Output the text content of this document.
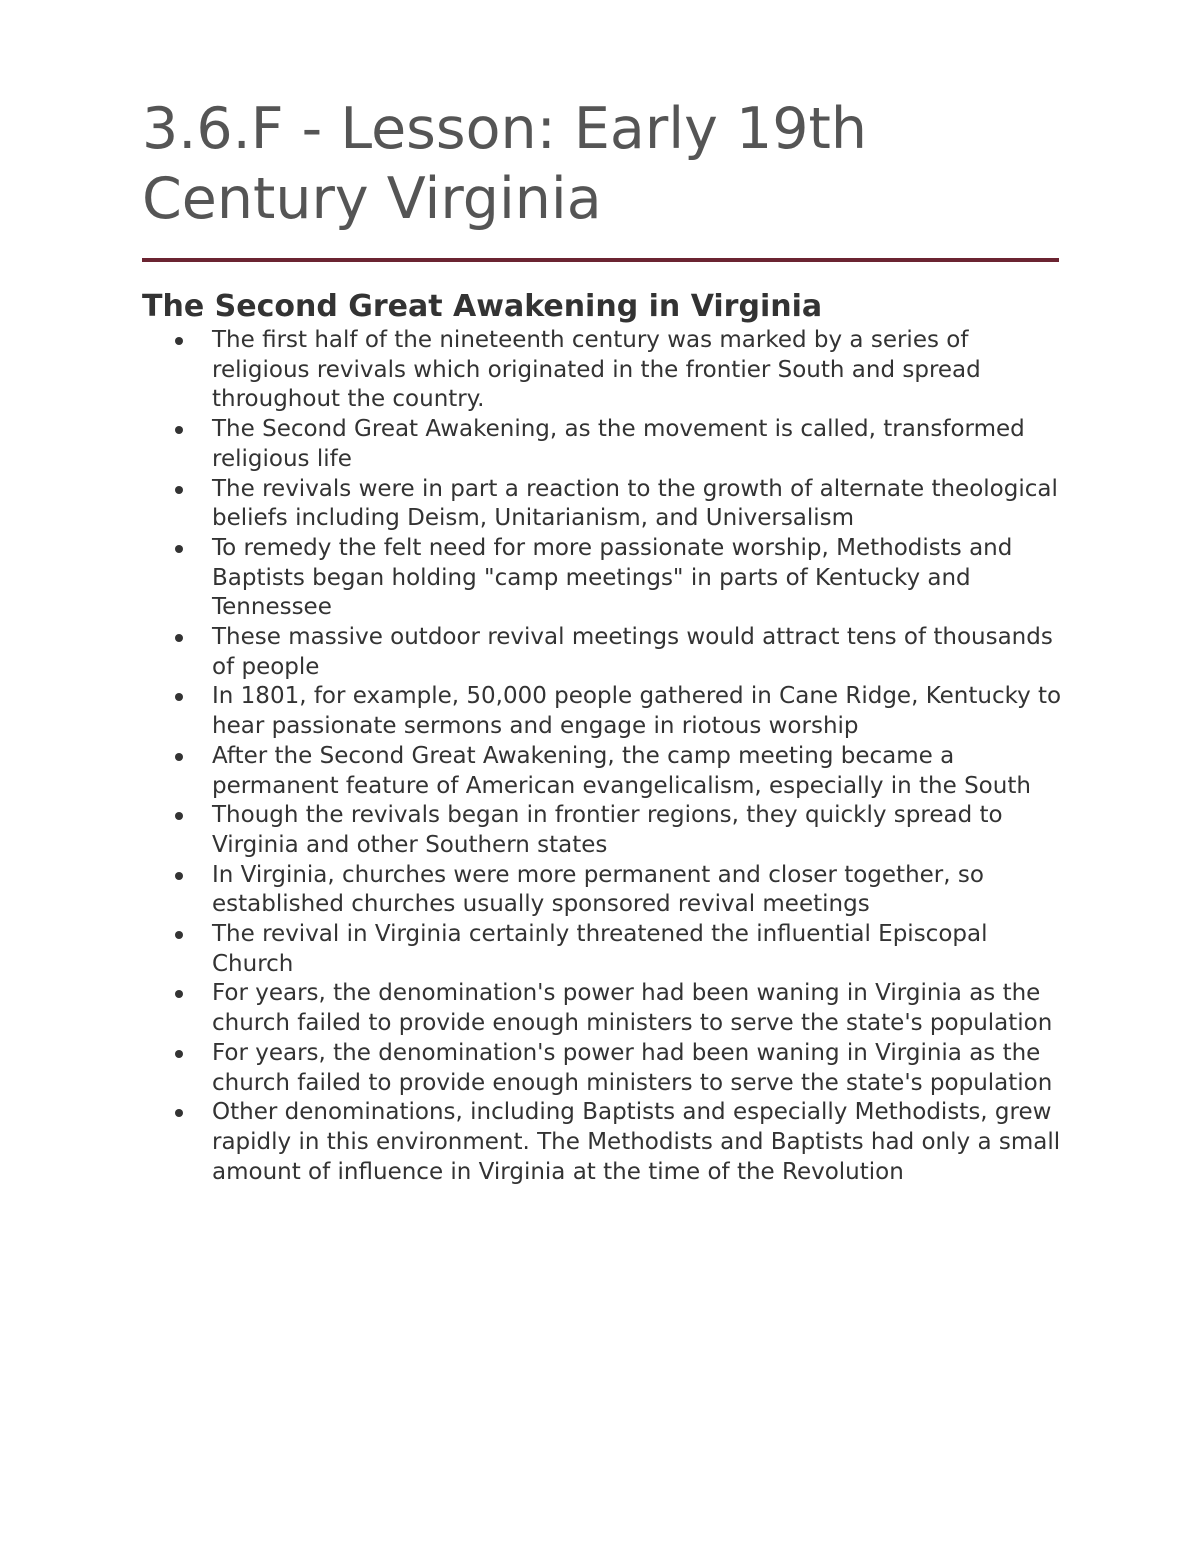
3.6.F - Lesson: Early 19th Century Virginia
The Second Great Awakening in Virginia
The first half of the nineteenth century was marked by a series of religious revivals which originated in the frontier South and spread throughout the country.
The Second Great Awakening, as the movement is called, transformed religious life
The revivals were in part a reaction to the growth of alternate theological beliefs including Deism, Unitarianism, and Universalism
To remedy the felt need for more passionate worship, Methodists and Baptists began holding "camp meetings" in parts of Kentucky and Tennessee
These massive outdoor revival meetings would attract tens of thousands of people
In 1801, for example, 50,000 people gathered in Cane Ridge, Kentucky to hear passionate sermons and engage in riotous worship
After the Second Great Awakening, the camp meeting became a permanent feature of American evangelicalism, especially in the South
Though the revivals began in frontier regions, they quickly spread to Virginia and other Southern states
In Virginia, churches were more permanent and closer together, so established churches usually sponsored revival meetings
The revival in Virginia certainly threatened the influential Episcopal Church
For years, the denomination's power had been waning in Virginia as the church failed to provide enough ministers to serve the state's population
For years, the denomination's power had been waning in Virginia as the church failed to provide enough ministers to serve the state's population
Other denominations, including Baptists and especially Methodists, grew rapidly in this environment. The Methodists and Baptists had only a small amount of influence in Virginia at the time of the Revolution
